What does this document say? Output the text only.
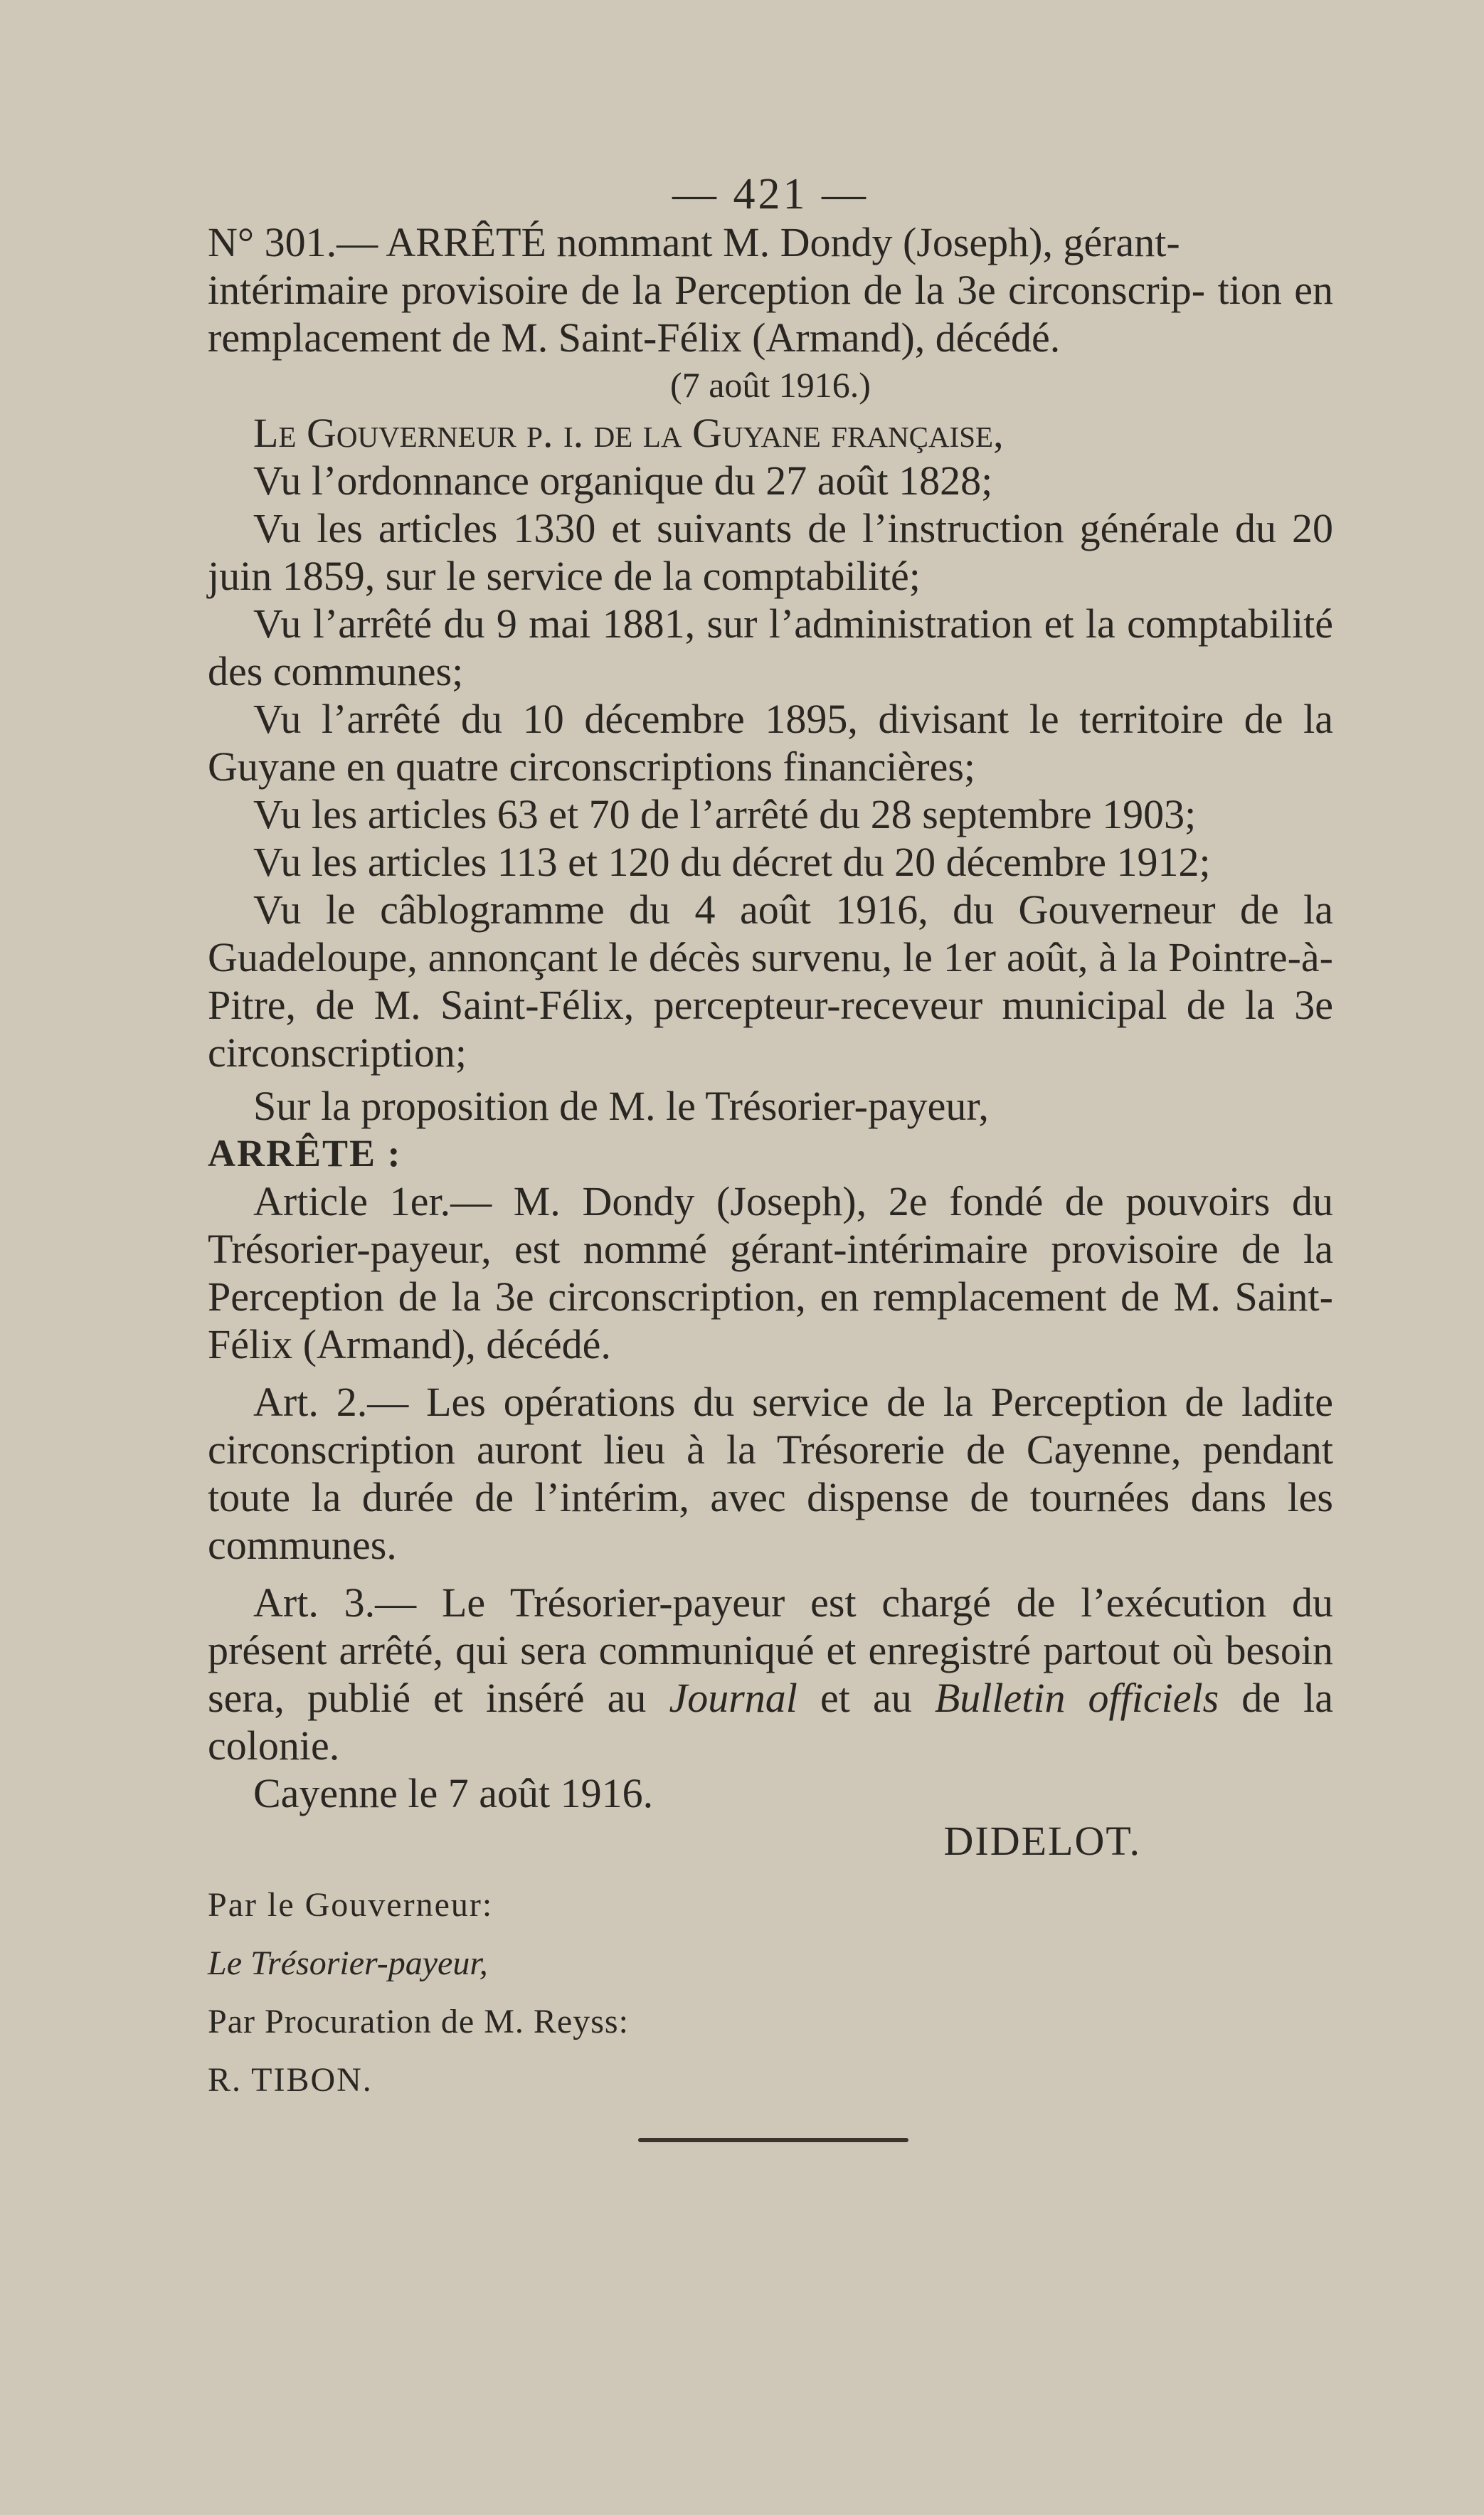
— 421 —

N° 301.— ARRÊTÉ nommant M. Dondy (Joseph), gérant-
intérimaire provisoire de la Perception de la 3e circonscrip- tion en remplacement de M. Saint-Félix (Armand), décédé.

(7 août 1916.)

Le Gouverneur p. i. de la Guyane française,

Vu l’ordonnance organique du 27 août 1828;

Vu les articles 1330 et suivants de l’instruction générale du 20 juin 1859, sur le service de la comptabilité;

Vu l’arrêté du 9 mai 1881, sur l’administration et la comptabilité des communes;

Vu l’arrêté du 10 décembre 1895, divisant le territoire de la Guyane en quatre circonscriptions financières;

Vu les articles 63 et 70 de l’arrêté du 28 septembre 1903;

Vu les articles 113 et 120 du décret du 20 décembre 1912;

Vu le câblogramme du 4 août 1916, du Gouverneur de la Guadeloupe, annonçant le décès survenu, le 1er août, à la Pointre-à-Pitre, de M. Saint-Félix, percepteur-receveur municipal de la 3e circonscription;

Sur la proposition de M. le Trésorier-payeur,

ARRÊTE :

Article 1er.— M. Dondy (Joseph), 2e fondé de pouvoirs du Trésorier-payeur, est nommé gérant-intérimaire provisoire de la Perception de la 3e circonscription, en remplacement de M. Saint-Félix (Armand), décédé.

Art. 2.— Les opérations du service de la Perception de ladite circonscription auront lieu à la Trésorerie de Cayenne, pendant toute la durée de l’intérim, avec dispense de tournées dans les communes.

Art. 3.— Le Trésorier-payeur est chargé de l’exécution du présent arrêté, qui sera communiqué et enregistré partout où besoin sera, publié et inséré au Journal et au Bulletin officiels de la colonie.

Cayenne le 7 août 1916.

DIDELOT.

Par le Gouverneur:

Le Trésorier-payeur,

Par Procuration de M. Reyss:

R. TIBON.
